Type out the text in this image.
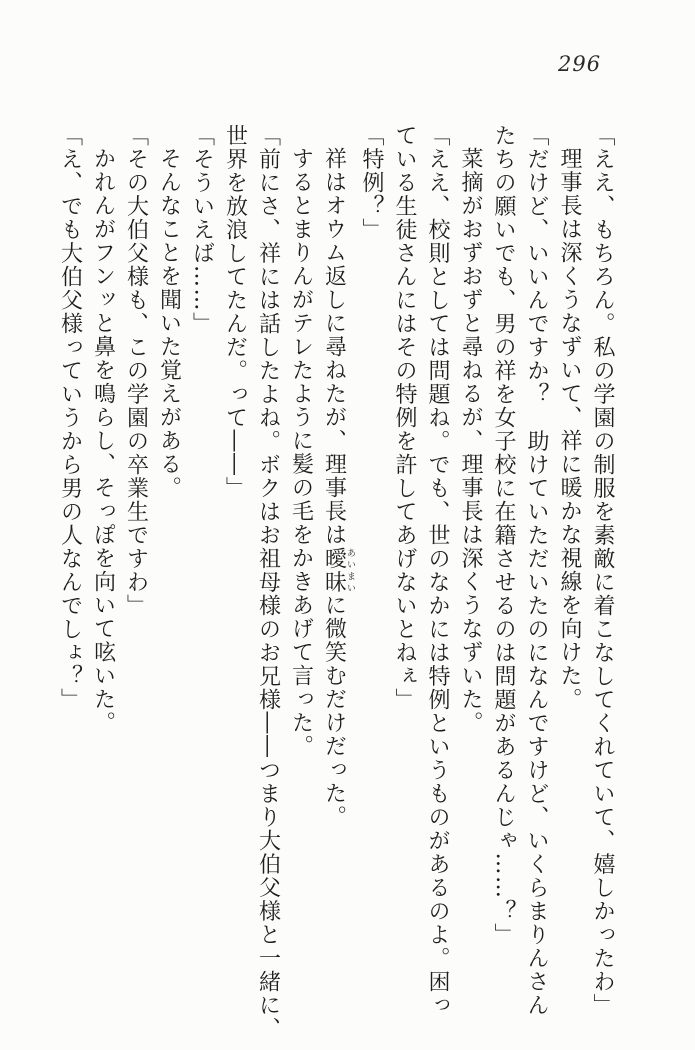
296
「ええ、もちろん。私の学園の制服を素敵に着こなしてくれていて、嬉しかったわ」
理事長は深くうなずいて、祥に暖かな視線を向けた。
「だけど、いいんですか？　助けていただいたのになんですけど、いくらまりんさん
たちの願いでも、男の祥を女子校に在籍させるのは問題があるんじゃ……？」
菜摘がおずおずと尋ねるが、理事長は深くうなずいた。
「ええ、校則としては問題ね。でも、世のなかには特例というものがあるのよ。困っ
ている生徒さんにはその特例を許してあげないとねぇ」
「特例？」
祥はオウム返しに尋ねたが、理事長は曖昧あいまいに微笑むだけだった。
するとまりんがテレたように髪の毛をかきあげて言った。
「前にさ、祥には話したよね。ボクはお祖母様のお兄様――つまり大伯父様と一緒に、
世界を放浪してたんだ。って――」
「そういえば……」
そんなことを聞いた覚えがある。
「その大伯父様も、この学園の卒業生ですわ」
かれんがフンッと鼻を鳴らし、そっぽを向いて呟いた。
「え、でも大伯父様っていうから男の人なんでしょ？」
